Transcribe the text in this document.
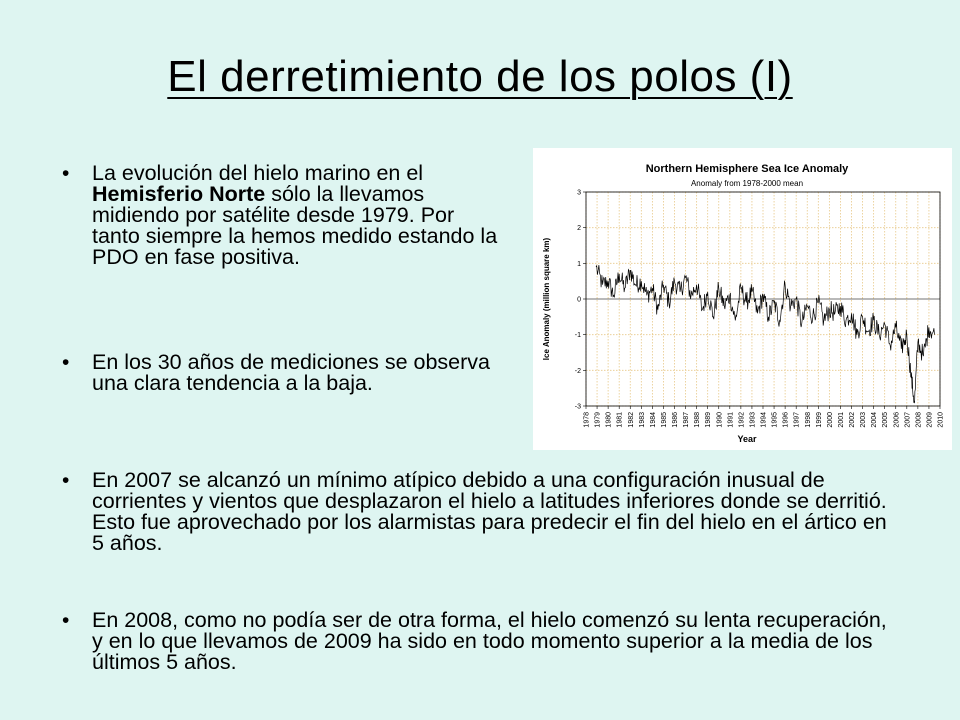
El derretimiento de los polos (I)
• La evolución del hielo marino en el Hemisferio Norte sólo la llevamos midiendo por satélite desde 1979. Por tanto siempre la hemos medido estando la PDO en fase positiva.
• En los 30 años de mediciones se observa una clara tendencia a la baja.
• En 2007 se alcanzó un mínimo atípico debido a una configuración inusual de corrientes y vientos que desplazaron el hielo a latitudes inferiores donde se derritió. Esto fue aprovechado por los alarmistas para predecir el fin del hielo en el ártico en 5 años.
• En 2008, como no podía ser de otra forma, el hielo comenzó su lenta recuperación, y en lo que llevamos de 2009 ha sido en todo momento superior a la media de los últimos 5 años.
Northern Hemisphere Sea Ice Anomaly
Anomaly from 1978-2000 mean
Year
Ice Anomaly (million square km)
1978 1979 1980 1981 1982 1983 1984 1985 1986 1987 1988 1989 1990 1991 1992 1993 1994 1995 1996 1997 1998 1999 2000 2001 2002 2003 2004 2005 2006 2007 2008 2009 2010
-3
-2
-1
0
1
2
3
